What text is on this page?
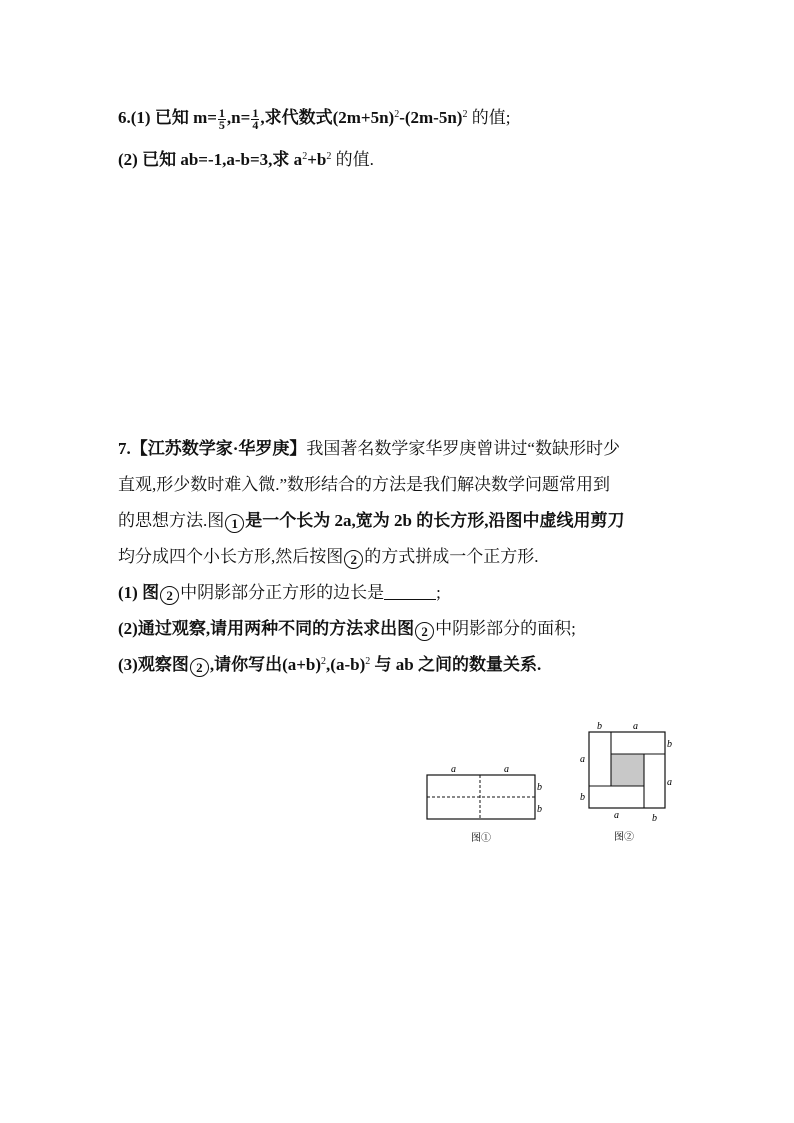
6.(1) 已知 $m= \frac{1}{5} ,n= \frac{1}{4}$ ,求代数式$(2m+5n)^2-(2m-5n)^2$ 的值;
(2) 已知 ab=-1,a-b=3,求 $a^2+b^2$ 的值.
7.【江苏数学家·华罗庚】我国著名数学家华罗庚曾讲过“数缺形时少
直观,形少数时难入微.”数形结合的方法是我们解决数学问题常用到
的思想方法.图 1 是一个长为 2a,宽为 2b 的长方形,沿图中虚线用剪刀
均分成四个小长方形,然后按图 2 的方式拼成一个正方形.
(1) 图 2 中阴影部分正方形的边长是	;
(2)通过观察,请用两种不同的方法求出图 2 中阴影部分的面积;
(3)观察图 2 ,请你写出$(a+b)^2,(a-b)^2$ 与 ab 之间的数量关系.
a	a
b
b
图①
b	a
b
a
a
b
a	b
图②
